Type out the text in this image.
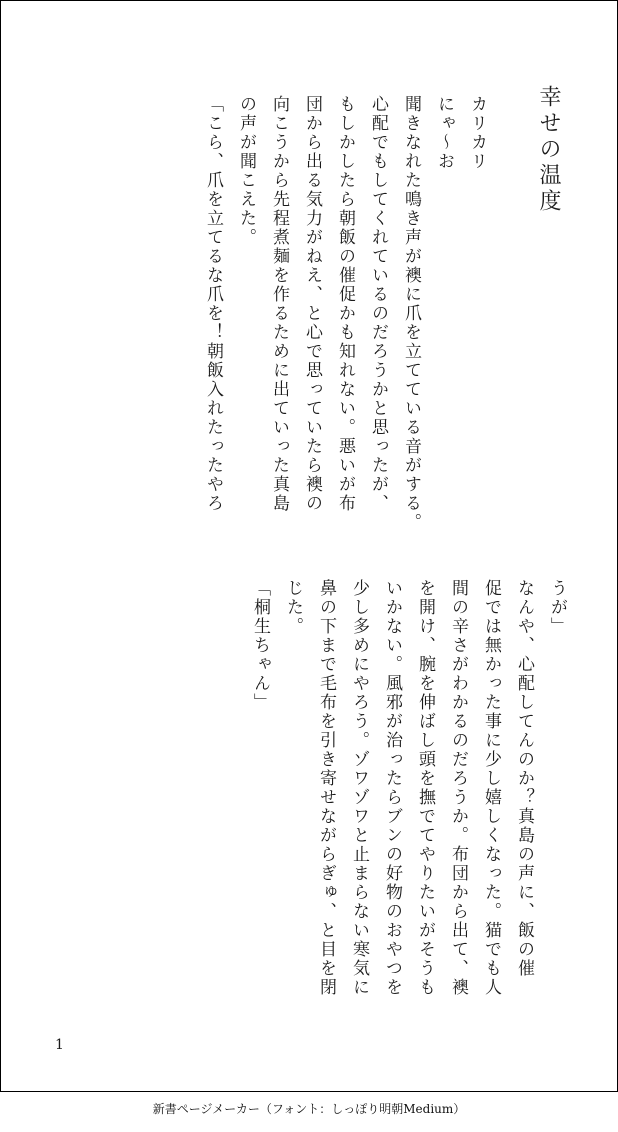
幸せの温度
カリカリ
にゃ〜お
聞きなれた鳴き声が襖に爪を立てている音がする。
心配でもしてくれているのだろうかと思ったが、
もしかしたら朝飯の催促かも知れない。悪いが布
団から出る気力がねえ、と心で思っていたら襖の
向こうから先程煮麺を作るために出ていった真島
の声が聞こえた。
「こら、爪を立てるな爪を！朝飯入れたったやろ
うが」
なんや、心配してんのか？真島の声に、飯の催
促では無かった事に少し嬉しくなった。猫でも人
間の辛さがわかるのだろうか。布団から出て、襖
を開け、腕を伸ばし頭を撫でてやりたいがそうも
いかない。風邪が治ったらブンの好物のおやつを
少し多めにやろう。ゾワゾワと止まらない寒気に
鼻の下まで毛布を引き寄せながらぎゅ、と目を閉
じた。
「桐生ちゃん」
1
新書ページメーカー（フォント：しっぽり明朝Medium）
